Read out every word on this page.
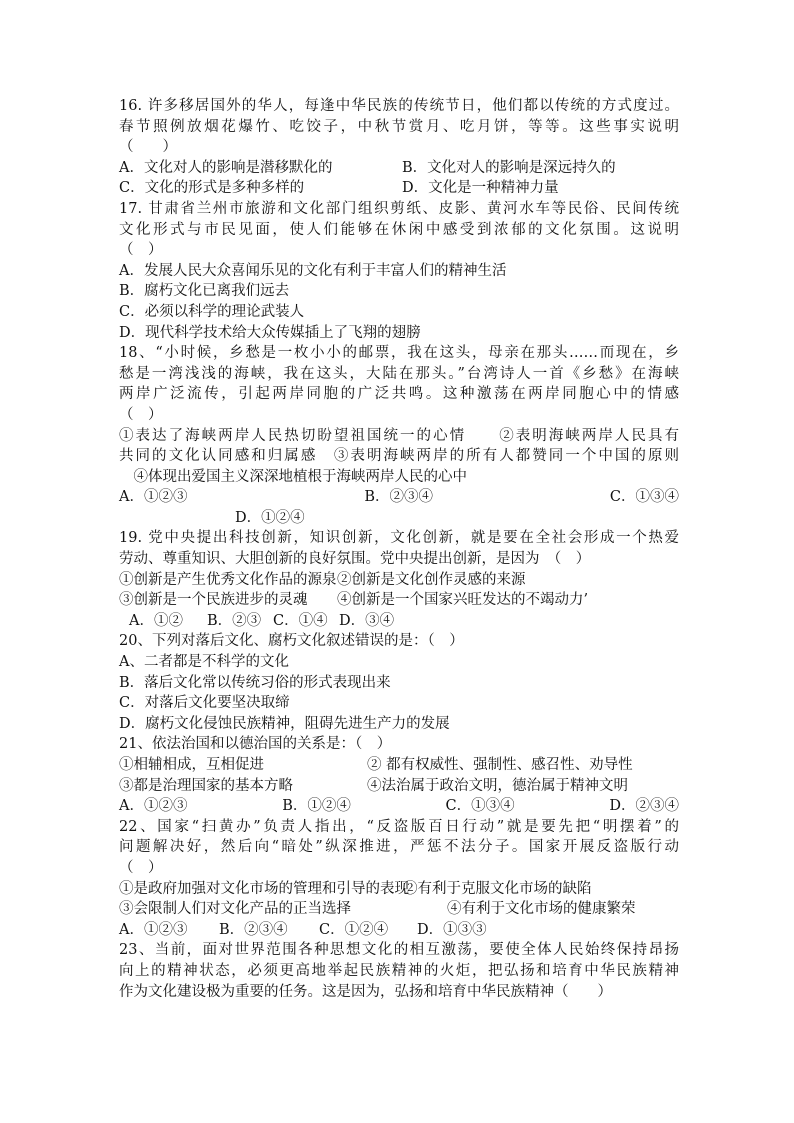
16. 许多移居国外的华人，每逢中华民族的传统节日，他们都以传统的方式度过。
春节照例放烟花爆竹、吃饺子，中秋节赏月、吃月饼，等等。这些事实说明
（　　）
A．文化对人的影响是潜移默化的	B．文化对人的影响是深远持久的
C．文化的形式是多种多样的	D．文化是一种精神力量
17. 甘肃省兰州市旅游和文化部门组织剪纸、皮影、黄河水车等民俗、民间传统
文化形式与市民见面，使人们能够在休闲中感受到浓郁的文化氛围。这说明
（　）
A．发展人民大众喜闻乐见的文化有利于丰富人们的精神生活
B．腐朽文化已离我们远去
C．必须以科学的理论武装人
D．现代科学技术给大众传媒插上了飞翔的翅膀
18、“小时候，乡愁是一枚小小的邮票，我在这头，母亲在那头……而现在，乡
愁是一湾浅浅的海峡，我在这头，大陆在那头。”台湾诗人一首《乡愁》在海峡
两岸广泛流传，引起两岸同胞的广泛共鸣。这种激荡在两岸同胞心中的情感
（　）
①表达了海峡两岸人民热切盼望祖国统一的心情　　②表明海峡两岸人民具有
共同的文化认同感和归属感　③表明海峡两岸的所有人都赞同一个中国的原则
　④体现出爱国主义深深地植根于海峡两岸人民的心中
A．①②③	B．②③④	C．①③④
D．①②④
19. 党中央提出科技创新，知识创新，文化创新，就是要在全社会形成一个热爱
劳动、尊重知识、大胆创新的良好氛围。党中央提出创新，是因为　（　）
①创新是产生优秀文化作品的源泉 ②创新是文化创作灵感的来源
③创新是一个民族进步的灵魂	④创新是一个国家兴旺发达的不竭动力’
A．①②	B．②③ C．①④ D．③④
20、下列对落后文化、腐朽文化叙述错误的是：（　）
A、二者都是不科学的文化
B．落后文化常以传统习俗的形式表现出来
C．对落后文化要坚决取缔
D．腐朽文化侵蚀民族精神，阻碍先进生产力的发展
21、依法治国和以德治国的关系是：（　）
①相辅相成，互相促进	② 都有权威性、强制性、感召性、劝导性
③都是治理国家的基本方略	④法治属于政治文明，德治属于精神文明
A．①②③	B．①②④	C．①③④	D．②③④
22、国家“扫黄办”负责人指出，“反盗版百日行动”就是要先把“明摆着”的
问题解决好，然后向“暗处”纵深推进，严惩不法分子。国家开展反盗版行动
（　）
①是政府加强对文化市场的管理和引导的表现
②有利于克服文化市场的缺陷
③会限制人们对文化产品的正当选择	④有利于文化市场的健康繁荣
A．①②③	B．②③④	C．①②④	D．①③③
23、当前，面对世界范围各种思想文化的相互激荡，要使全体人民始终保持昂扬
向上的精神状态，必须更高地举起民族精神的火炬，把弘扬和培育中华民族精神
作为文化建设极为重要的任务。这是因为，弘扬和培育中华民族精神（　　）
